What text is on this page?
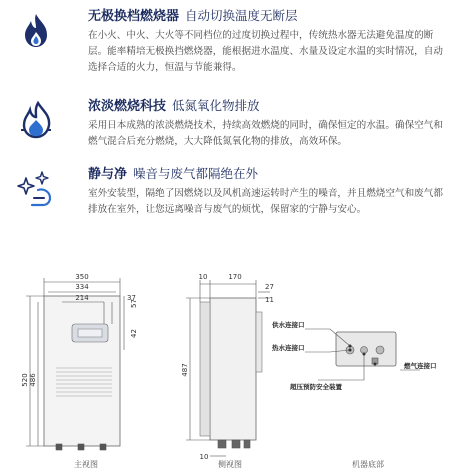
无极换档燃烧器 自动切换温度无断层
在小火、中火、大火等不同档位的过度切换过程中，传统热水器无法避免温度的断层。能率精培无极换挡燃烧器，能根据进水温度、水量及设定水温的实时情况，自动选择合适的火力，恒温与节能兼得。
浓淡燃烧科技 低氮氧化物排放
采用日本成熟的浓淡燃烧技术，持续高效燃烧的同时，确保恒定的水温。确保空气和燃气混合后充分燃烧，大大降低氮氧化物的排放，高效环保。
静与净 噪音与废气都隔绝在外
室外安装型，隔绝了因燃烧以及风机高速运转时产生的噪音，并且燃烧空气和废气都排放在室外，让您远离噪音与废气的烦忧，保留家的宁静与安心。
350
334
214	37
57
42
520 486
10	170
27
11
487
10
供水连接口
热水连接口
超压预防安全装置
燃气连接口
主视图	侧视图	机器底部
